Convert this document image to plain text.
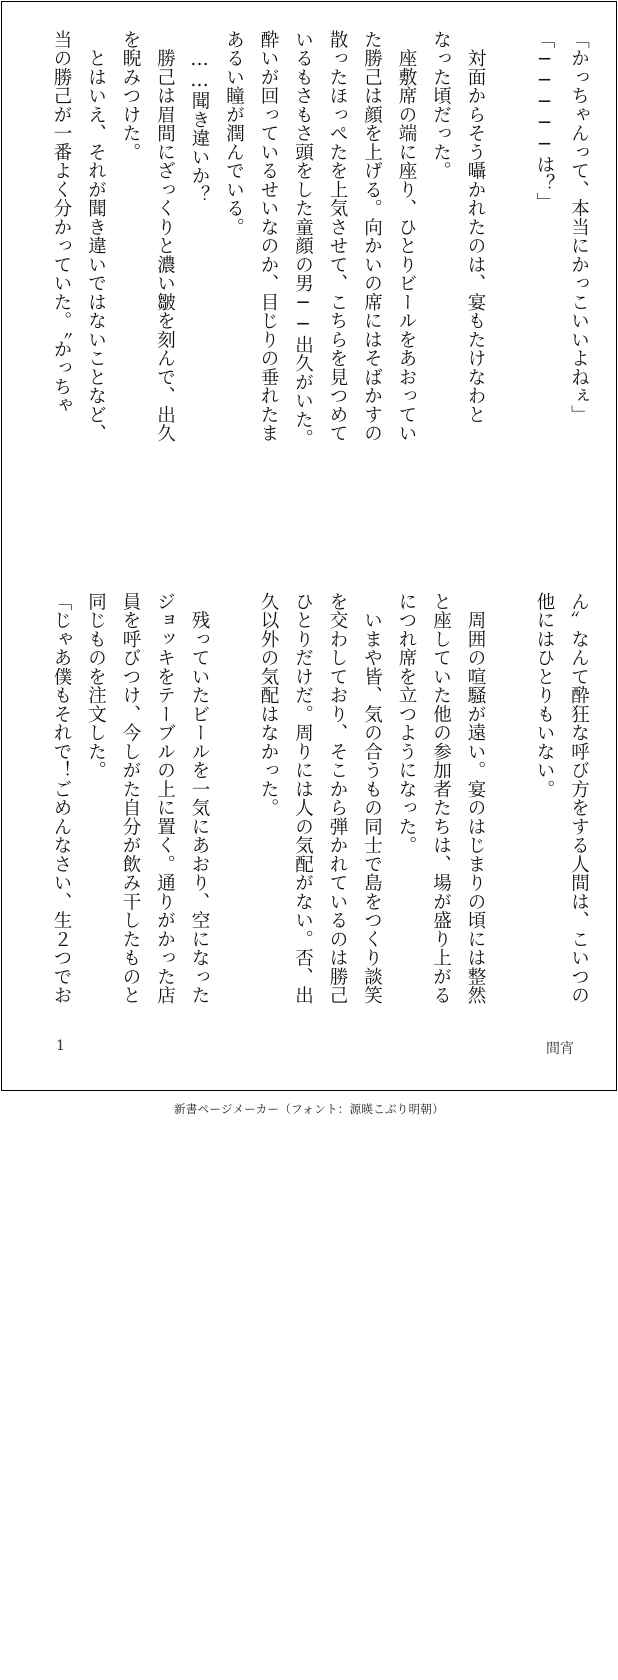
「かっちゃんって、本当にかっこいいよねぇ」
「─────は？」
　対面からそう囁かれたのは、宴もたけなわと
なった頃だった。
　座敷席の端に座り、ひとりビールをあおってい
た勝己は顔を上げる。向かいの席にはそばかすの
散ったほっぺたを上気させて、こちらを見つめて
いるもさもさ頭をした童顔の男──出久がいた。
酔いが回っているせいなのか、目じりの垂れたま
あるい瞳が潤んでいる。
　……聞き違いか？
　勝己は眉間にざっくりと濃い皺を刻んで、出久
を睨みつけた。
　とはいえ、それが聞き違いではないことなど、
当の勝己が一番よく分かっていた。〝かっちゃ
ん〟なんて酔狂な呼び方をする人間は、こいつの
他にはひとりもいない。
　周囲の喧騒が遠い。宴のはじまりの頃には整然
と座していた他の参加者たちは、場が盛り上がる
につれ席を立つようになった。
　いまや皆、気の合うもの同士で島をつくり談笑
を交わしており、そこから弾かれているのは勝己
ひとりだけだ。周りには人の気配がない。否、出
久以外の気配はなかった。
　残っていたビールを一気にあおり、空になった
ジョッキをテーブルの上に置く。通りがかった店
員を呼びつけ、今しがた自分が飲み干したものと
同じものを注文した。
「じゃあ僕もそれで！ごめんなさい、生２つでお
間宵
1
新書ページメーカー（フォント：源暎こぶり明朝）
